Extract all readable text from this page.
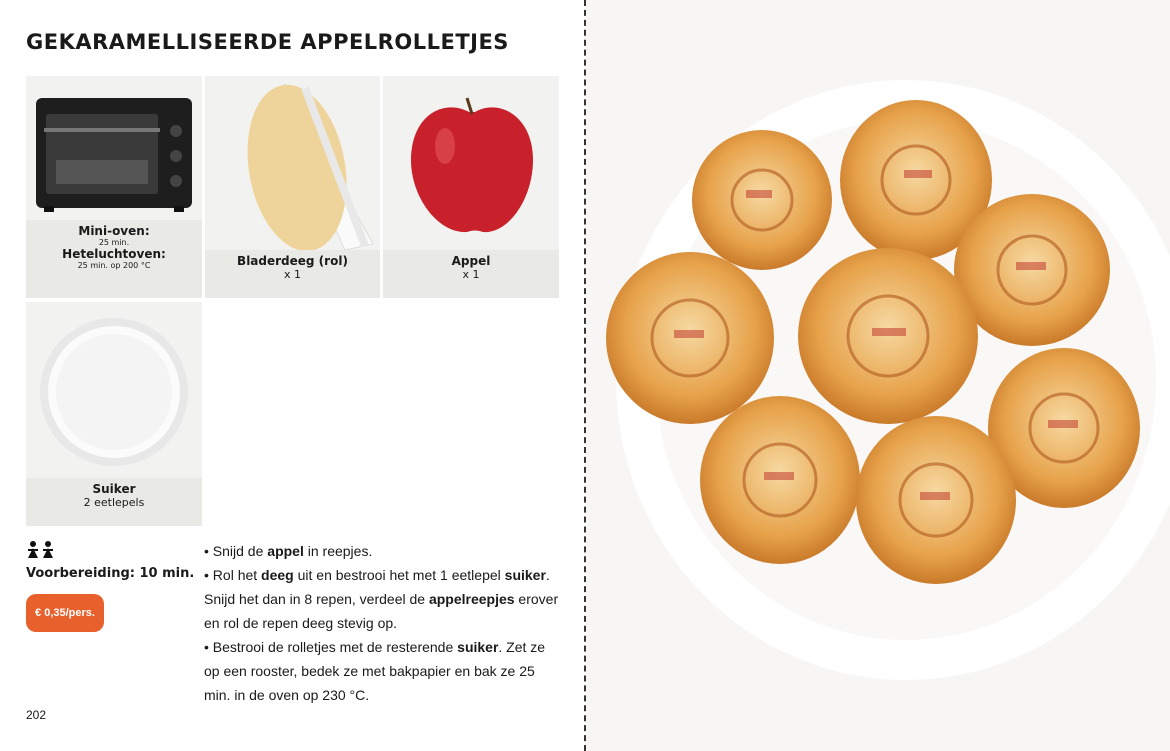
GEKARAMELLISEERDE APPELROLLETJES
Mini-oven:
25 min.
Heteluchtoven:
25 min. op 200 °C	Bladerdeeg (rol)
x 1
Appel
x 1
Suiker
2 eetlepels
Voorbereiding: 10 min.
€ 0,35/pers.
202

• Snijd de appel in reepjes.

• Rol het deeg uit en bestrooi het met 1 eetlepel suiker. Snijd het dan in 8 repen, verdeel de appelreepjes erover en rol de repen deeg stevig op.

• Bestrooi de rolletjes met de resterende suiker. Zet ze op een rooster, bedek ze met bakpapier en bak ze 25 min. in de oven op 230 °C.
